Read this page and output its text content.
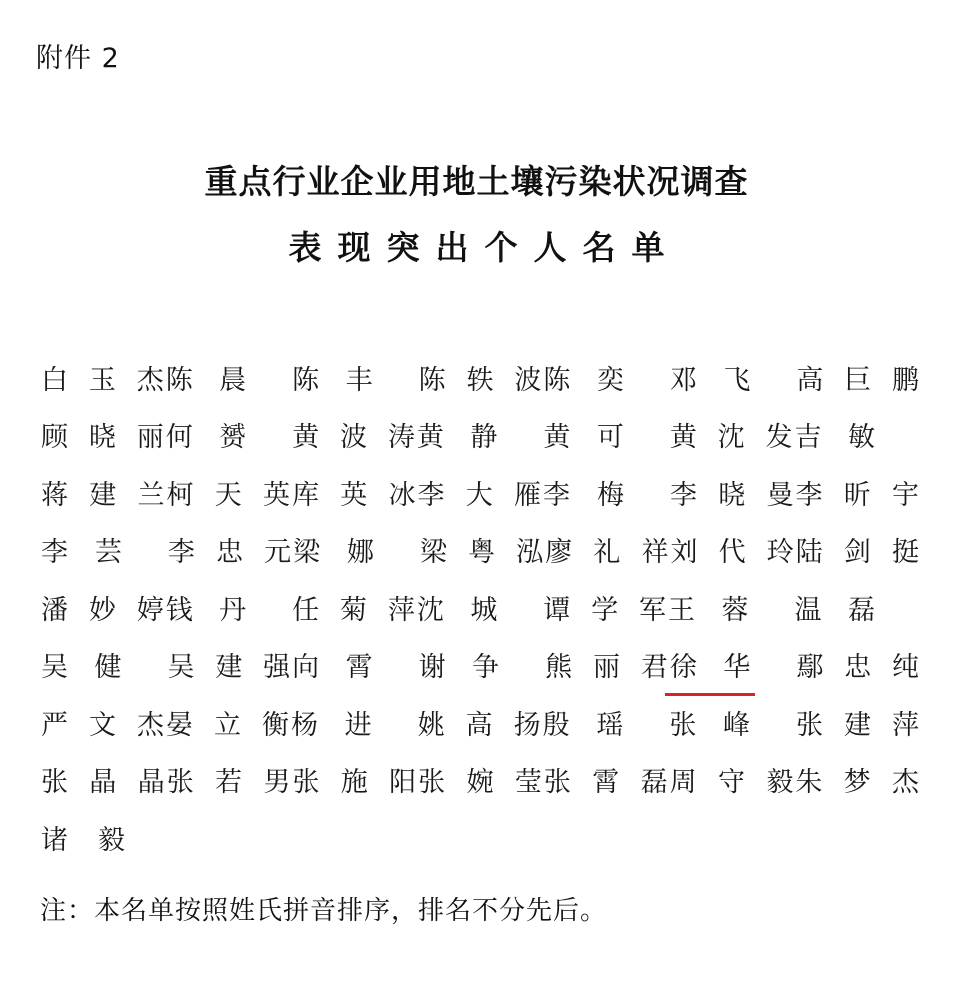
附件 2
重点行业企业用地土壤污染状况调查
表现突出个人名单
白 玉 杰 陈 晨 陈 丰 陈 轶 波 陈 奕 邓 飞 高 巨 鹏
顾 晓 丽 何 赟 黄 波 涛 黄 静 黄 可 黄 沈 发 吉 敏
蒋 建 兰 柯 天 英 库 英 冰 李 大 雁 李 梅 李 晓 曼 李 昕 宇
李 芸 李 忠 元 梁 娜 梁 粤 泓 廖 礼 祥 刘 代 玲 陆 剑 挺
潘 妙 婷 钱 丹 任 菊 萍 沈 城 谭 学 军 王 蓉 温 磊
吴 健 吴 建 强 向 霄 谢 争 熊 丽 君 徐 华 鄢 忠 纯
严 文 杰 晏 立 衡 杨 进 姚 高 扬 殷 瑶 张 峰 张 建 萍
张 晶 晶 张 若 男 张 施 阳 张 婉 莹 张 霄 磊 周 守 毅 朱 梦 杰
诸 毅
注：本名单按照姓氏拼音排序，排名不分先后。
